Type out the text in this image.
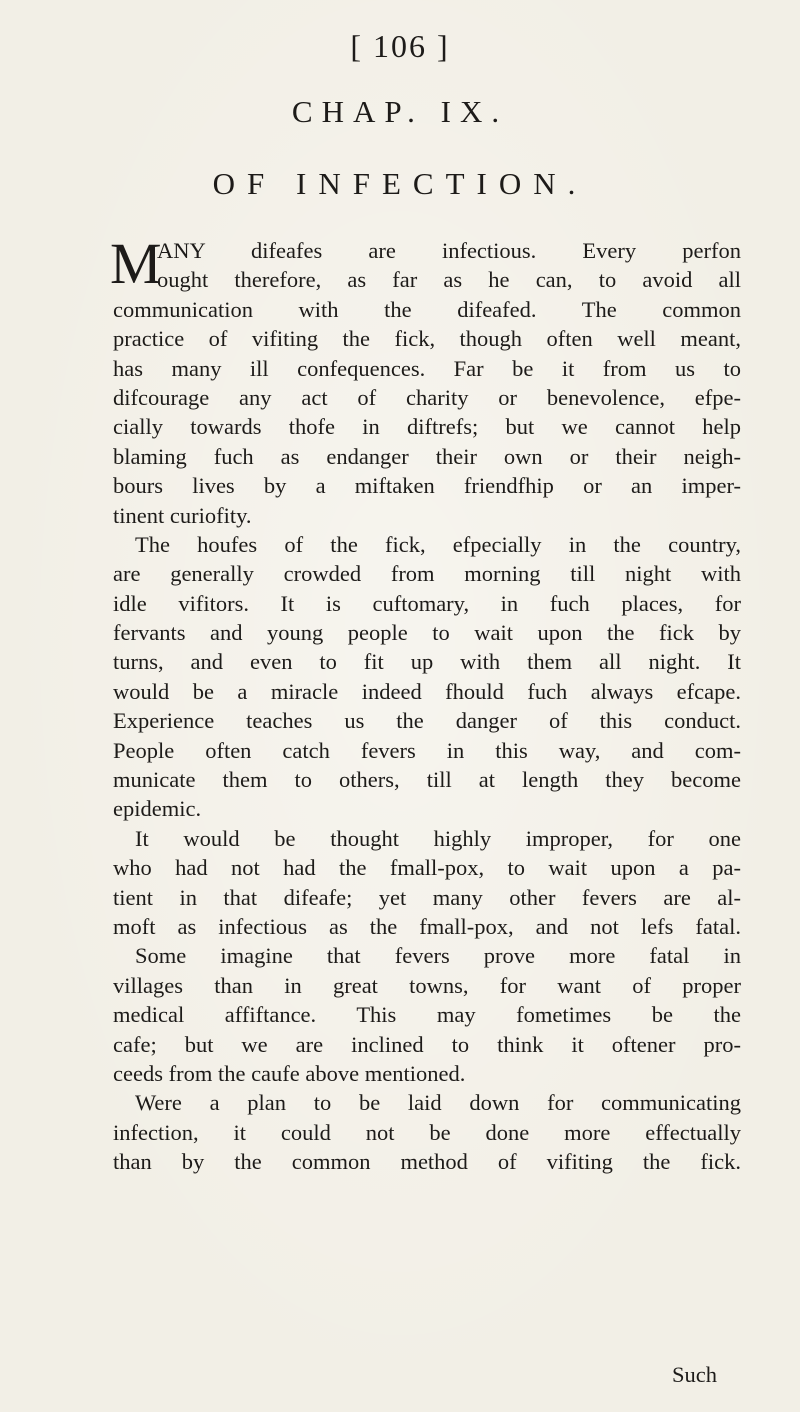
[ 106 ]
CHAP. IX.
OF INFECTION.
M
ANY difeafes are infectious. Every perfon
ought therefore, as far as he can, to avoid all
communication with the difeafed. The common
practice of vifiting the fick, though often well meant,
has many ill confequences. Far be it from us to
difcourage any act of charity or benevolence, efpe-
cially towards thofe in diftrefs; but we cannot help
blaming fuch as endanger their own or their neigh-
bours lives by a miftaken friendfhip or an imper-
tinent curiofity.
The houfes of the fick, efpecially in the country,
are generally crowded from morning till night with
idle vifitors. It is cuftomary, in fuch places, for
fervants and young people to wait upon the fick by
turns, and even to fit up with them all night. It
would be a miracle indeed fhould fuch always efcape.
Experience teaches us the danger of this conduct.
People often catch fevers in this way, and com-
municate them to others, till at length they become
epidemic.
It would be thought highly improper, for one
who had not had the fmall-pox, to wait upon a pa-
tient in that difeafe; yet many other fevers are al-
moft as infectious as the fmall-pox, and not lefs fatal.
Some imagine that fevers prove more fatal in
villages than in great towns, for want of proper
medical affiftance. This may fometimes be the
cafe; but we are inclined to think it oftener pro-
ceeds from the caufe above mentioned.
Were a plan to be laid down for communicating
infection, it could not be done more effectually
than by the common method of vifiting the fick.
Such
